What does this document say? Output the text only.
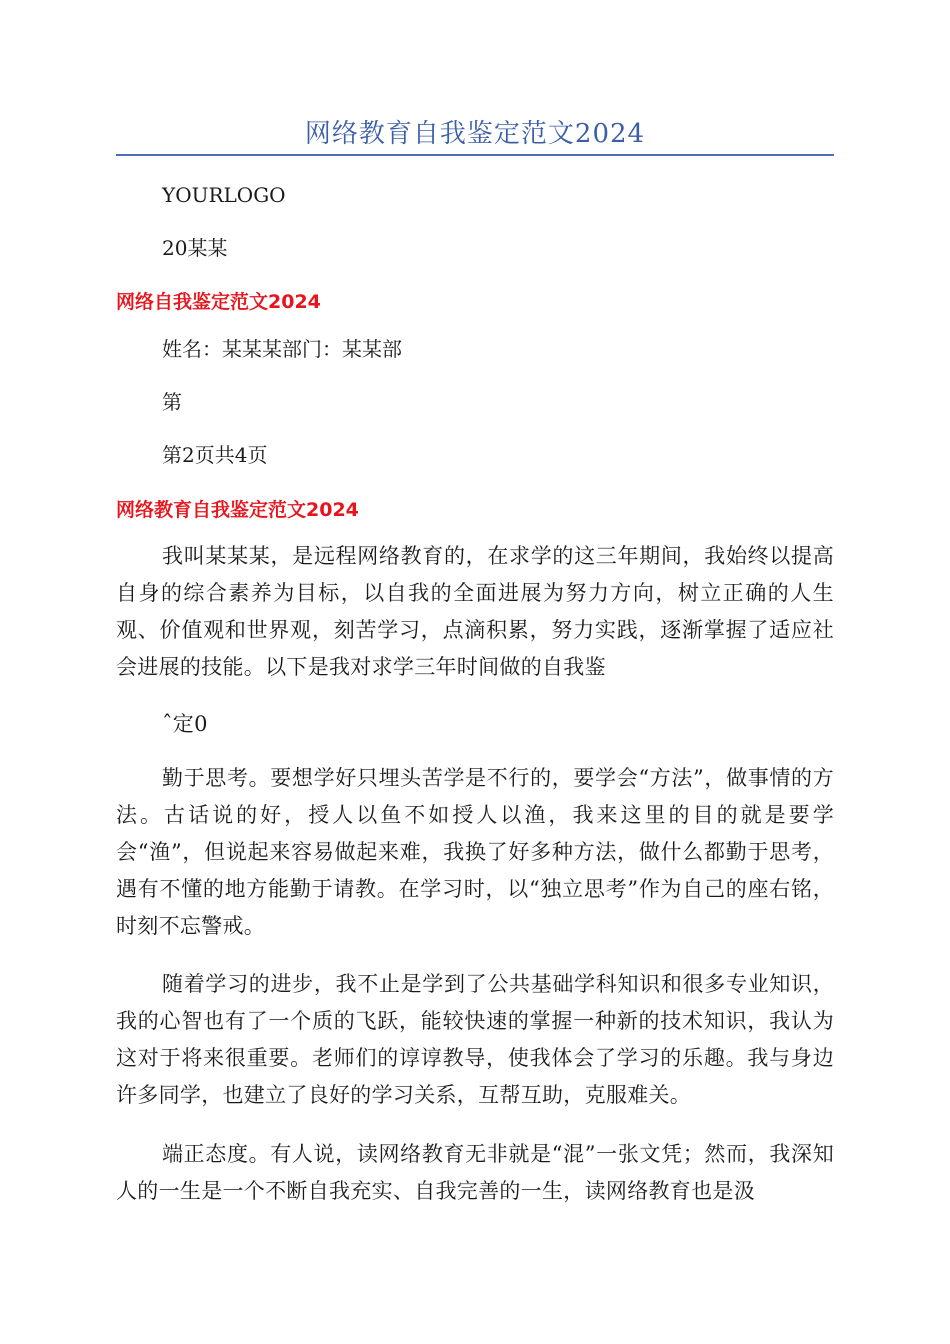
网络教育自我鉴定范文2024
YOURLOGO
20某某
网络自我鉴定范文2024
姓名：某某某部门：某某部
第
第2页共4页
网络教育自我鉴定范文2024
我叫某某某，是远程网络教育的，在求学的这三年期间，我始终以提高自身的综合素养为目标，以自我的全面进展为努力方向，树立正确的人生观、价值观和世界观，刻苦学习，点滴积累，努力实践，逐渐掌握了适应社会进展的技能。以下是我对求学三年时间做的自我鉴
ˆ定0
勤于思考。要想学好只埋头苦学是不行的，要学会“方法”，做事情的方法。古话说的好，授人以鱼不如授人以渔，我来这里的目的就是要学会“渔”，但说起来容易做起来难，我换了好多种方法，做什么都勤于思考，遇有不懂的地方能勤于请教。在学习时，以“独立思考”作为自己的座右铭，时刻不忘警戒。
随着学习的进步，我不止是学到了公共基础学科知识和很多专业知识，我的心智也有了一个质的飞跃，能较快速的掌握一种新的技术知识，我认为这对于将来很重要。老师们的谆谆教导，使我体会了学习的乐趣。我与身边许多同学，也建立了良好的学习关系，互帮互助，克服难关。
端正态度。有人说，读网络教育无非就是“混”一张文凭；然而，我深知人的一生是一个不断自我充实、自我完善的一生，读网络教育也是汲
